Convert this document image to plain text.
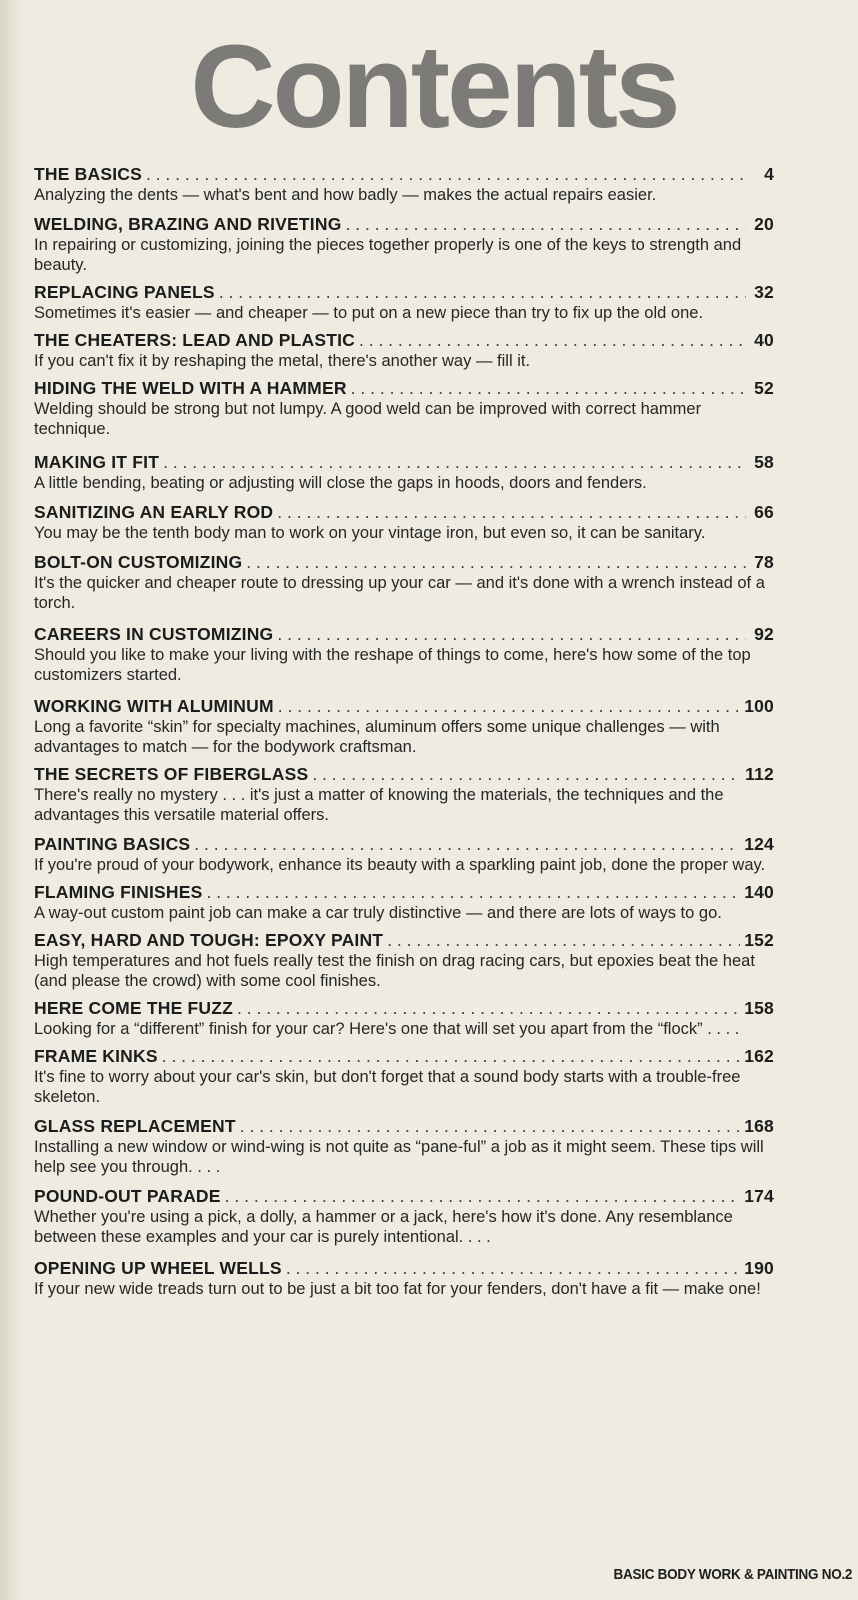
Contents
THE BASICS . . .	4

Analyzing the dents — what's bent and how badly — makes the actual repairs easier.

WELDING, BRAZING AND RIVETING . . .	20

In repairing or customizing, joining the pieces together properly is one of the keys to strength and beauty.

REPLACING PANELS . . .	32

Sometimes it's easier — and cheaper — to put on a new piece than try to fix up the old one.

THE CHEATERS: LEAD AND PLASTIC . . .	40

If you can't fix it by reshaping the metal, there's another way — fill it.

HIDING THE WELD WITH A HAMMER . . .	52

Welding should be strong but not lumpy. A good weld can be improved with correct hammer technique.

MAKING IT FIT . . .	58

A little bending, beating or adjusting will close the gaps in hoods, doors and fenders.

SANITIZING AN EARLY ROD . . .	66

You may be the tenth body man to work on your vintage iron, but even so, it can be sanitary.

BOLT-ON CUSTOMIZING . . .	78

It's the quicker and cheaper route to dressing up your car — and it's done with a wrench instead of a torch.

CAREERS IN CUSTOMIZING . . .	92

Should you like to make your living with the reshape of things to come, here's how some of the top customizers started.

WORKING WITH ALUMINUM . . .	100

Long a favorite “skin” for specialty machines, aluminum offers some unique challenges — with advantages to match — for the bodywork craftsman.

THE SECRETS OF FIBERGLASS . . .	112

There's really no mystery . . . it's just a matter of knowing the materials, the techniques and the advantages this versatile material offers.

PAINTING BASICS . . .	124

If you're proud of your bodywork, enhance its beauty with a sparkling paint job, done the proper way.

FLAMING FINISHES . . .	140

A way-out custom paint job can make a car truly distinctive — and there are lots of ways to go.

EASY, HARD AND TOUGH: EPOXY PAINT . . .	152

High temperatures and hot fuels really test the finish on drag racing cars, but epoxies beat the heat (and please the crowd) with some cool finishes.

HERE COME THE FUZZ . . .	158

Looking for a “different” finish for your car? Here's one that will set you apart from the “flock” . . . .

FRAME KINKS . . .	162

It's fine to worry about your car's skin, but don't forget that a sound body starts with a trouble-free skeleton.

GLASS REPLACEMENT . . .	168

Installing a new window or wind-wing is not quite as “pane-ful” a job as it might seem. These tips will help see you through. . . .

POUND-OUT PARADE . . .	174

Whether you're using a pick, a dolly, a hammer or a jack, here's how it's done. Any resemblance between these examples and your car is purely intentional. . . .

OPENING UP WHEEL WELLS . . .	190

If your new wide treads turn out to be just a bit too fat for your fenders, don't have a fit — make one!

BASIC BODY WORK & PAINTING NO.2
